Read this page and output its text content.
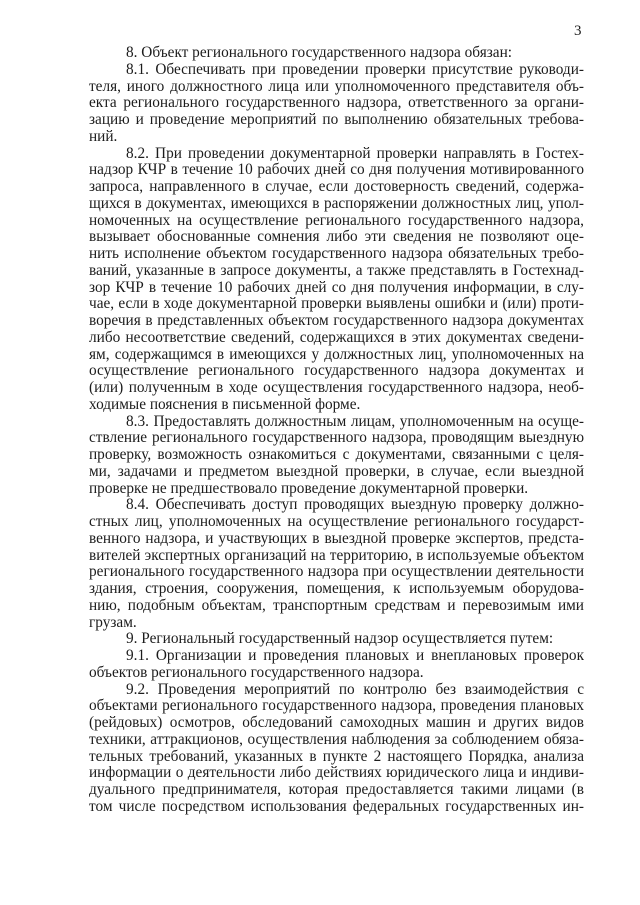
3
8. Объект регионального государственного надзора обязан:
8.1. Обеспечивать при проведении проверки присутствие руководи-
теля, иного должностного лица или уполномоченного представителя объ-
екта регионального государственного надзора, ответственного за органи-
зацию и проведение мероприятий по выполнению обязательных требова-
ний.
8.2. При проведении документарной проверки направлять в Гостех-
надзор КЧР в течение 10 рабочих дней со дня получения мотивированного
запроса, направленного в случае, если достоверность сведений, содержа-
щихся в документах, имеющихся в распоряжении должностных лиц, упол-
номоченных на осуществление регионального государственного надзора,
вызывает обоснованные сомнения либо эти сведения не позволяют оце-
нить исполнение объектом государственного надзора обязательных требо-
ваний, указанные в запросе документы, а также представлять в Гостехнад-
зор КЧР в течение 10 рабочих дней со дня получения информации, в слу-
чае, если в ходе документарной проверки выявлены ошибки и (или) проти-
воречия в представленных объектом государственного надзора документах
либо несоответствие сведений, содержащихся в этих документах сведени-
ям, содержащимся в имеющихся у должностных лиц, уполномоченных на
осуществление регионального государственного надзора документах и
(или) полученным в ходе осуществления государственного надзора, необ-
ходимые пояснения в письменной форме.
8.3. Предоставлять должностным лицам, уполномоченным на осуще-
ствление регионального государственного надзора, проводящим выездную
проверку, возможность ознакомиться с документами, связанными с целя-
ми, задачами и предметом выездной проверки, в случае, если выездной
проверке не предшествовало проведение документарной проверки.
8.4. Обеспечивать доступ проводящих выездную проверку должно-
стных лиц, уполномоченных на осуществление регионального государст-
венного надзора, и участвующих в выездной проверке экспертов, предста-
вителей экспертных организаций на территорию, в используемые объектом
регионального государственного надзора при осуществлении деятельности
здания, строения, сооружения, помещения, к используемым оборудова-
нию, подобным объектам, транспортным средствам и перевозимым ими
грузам.
9. Региональный государственный надзор осуществляется путем:
9.1. Организации и проведения плановых и внеплановых проверок
объектов регионального государственного надзора.
9.2. Проведения мероприятий по контролю без взаимодействия с
объектами регионального государственного надзора, проведения плановых
(рейдовых) осмотров, обследований самоходных машин и других видов
техники, аттракционов, осуществления наблюдения за соблюдением обяза-
тельных требований, указанных в пункте 2 настоящего Порядка, анализа
информации о деятельности либо действиях юридического лица и индиви-
дуального предпринимателя, которая предоставляется такими лицами (в
том числе посредством использования федеральных государственных ин-
